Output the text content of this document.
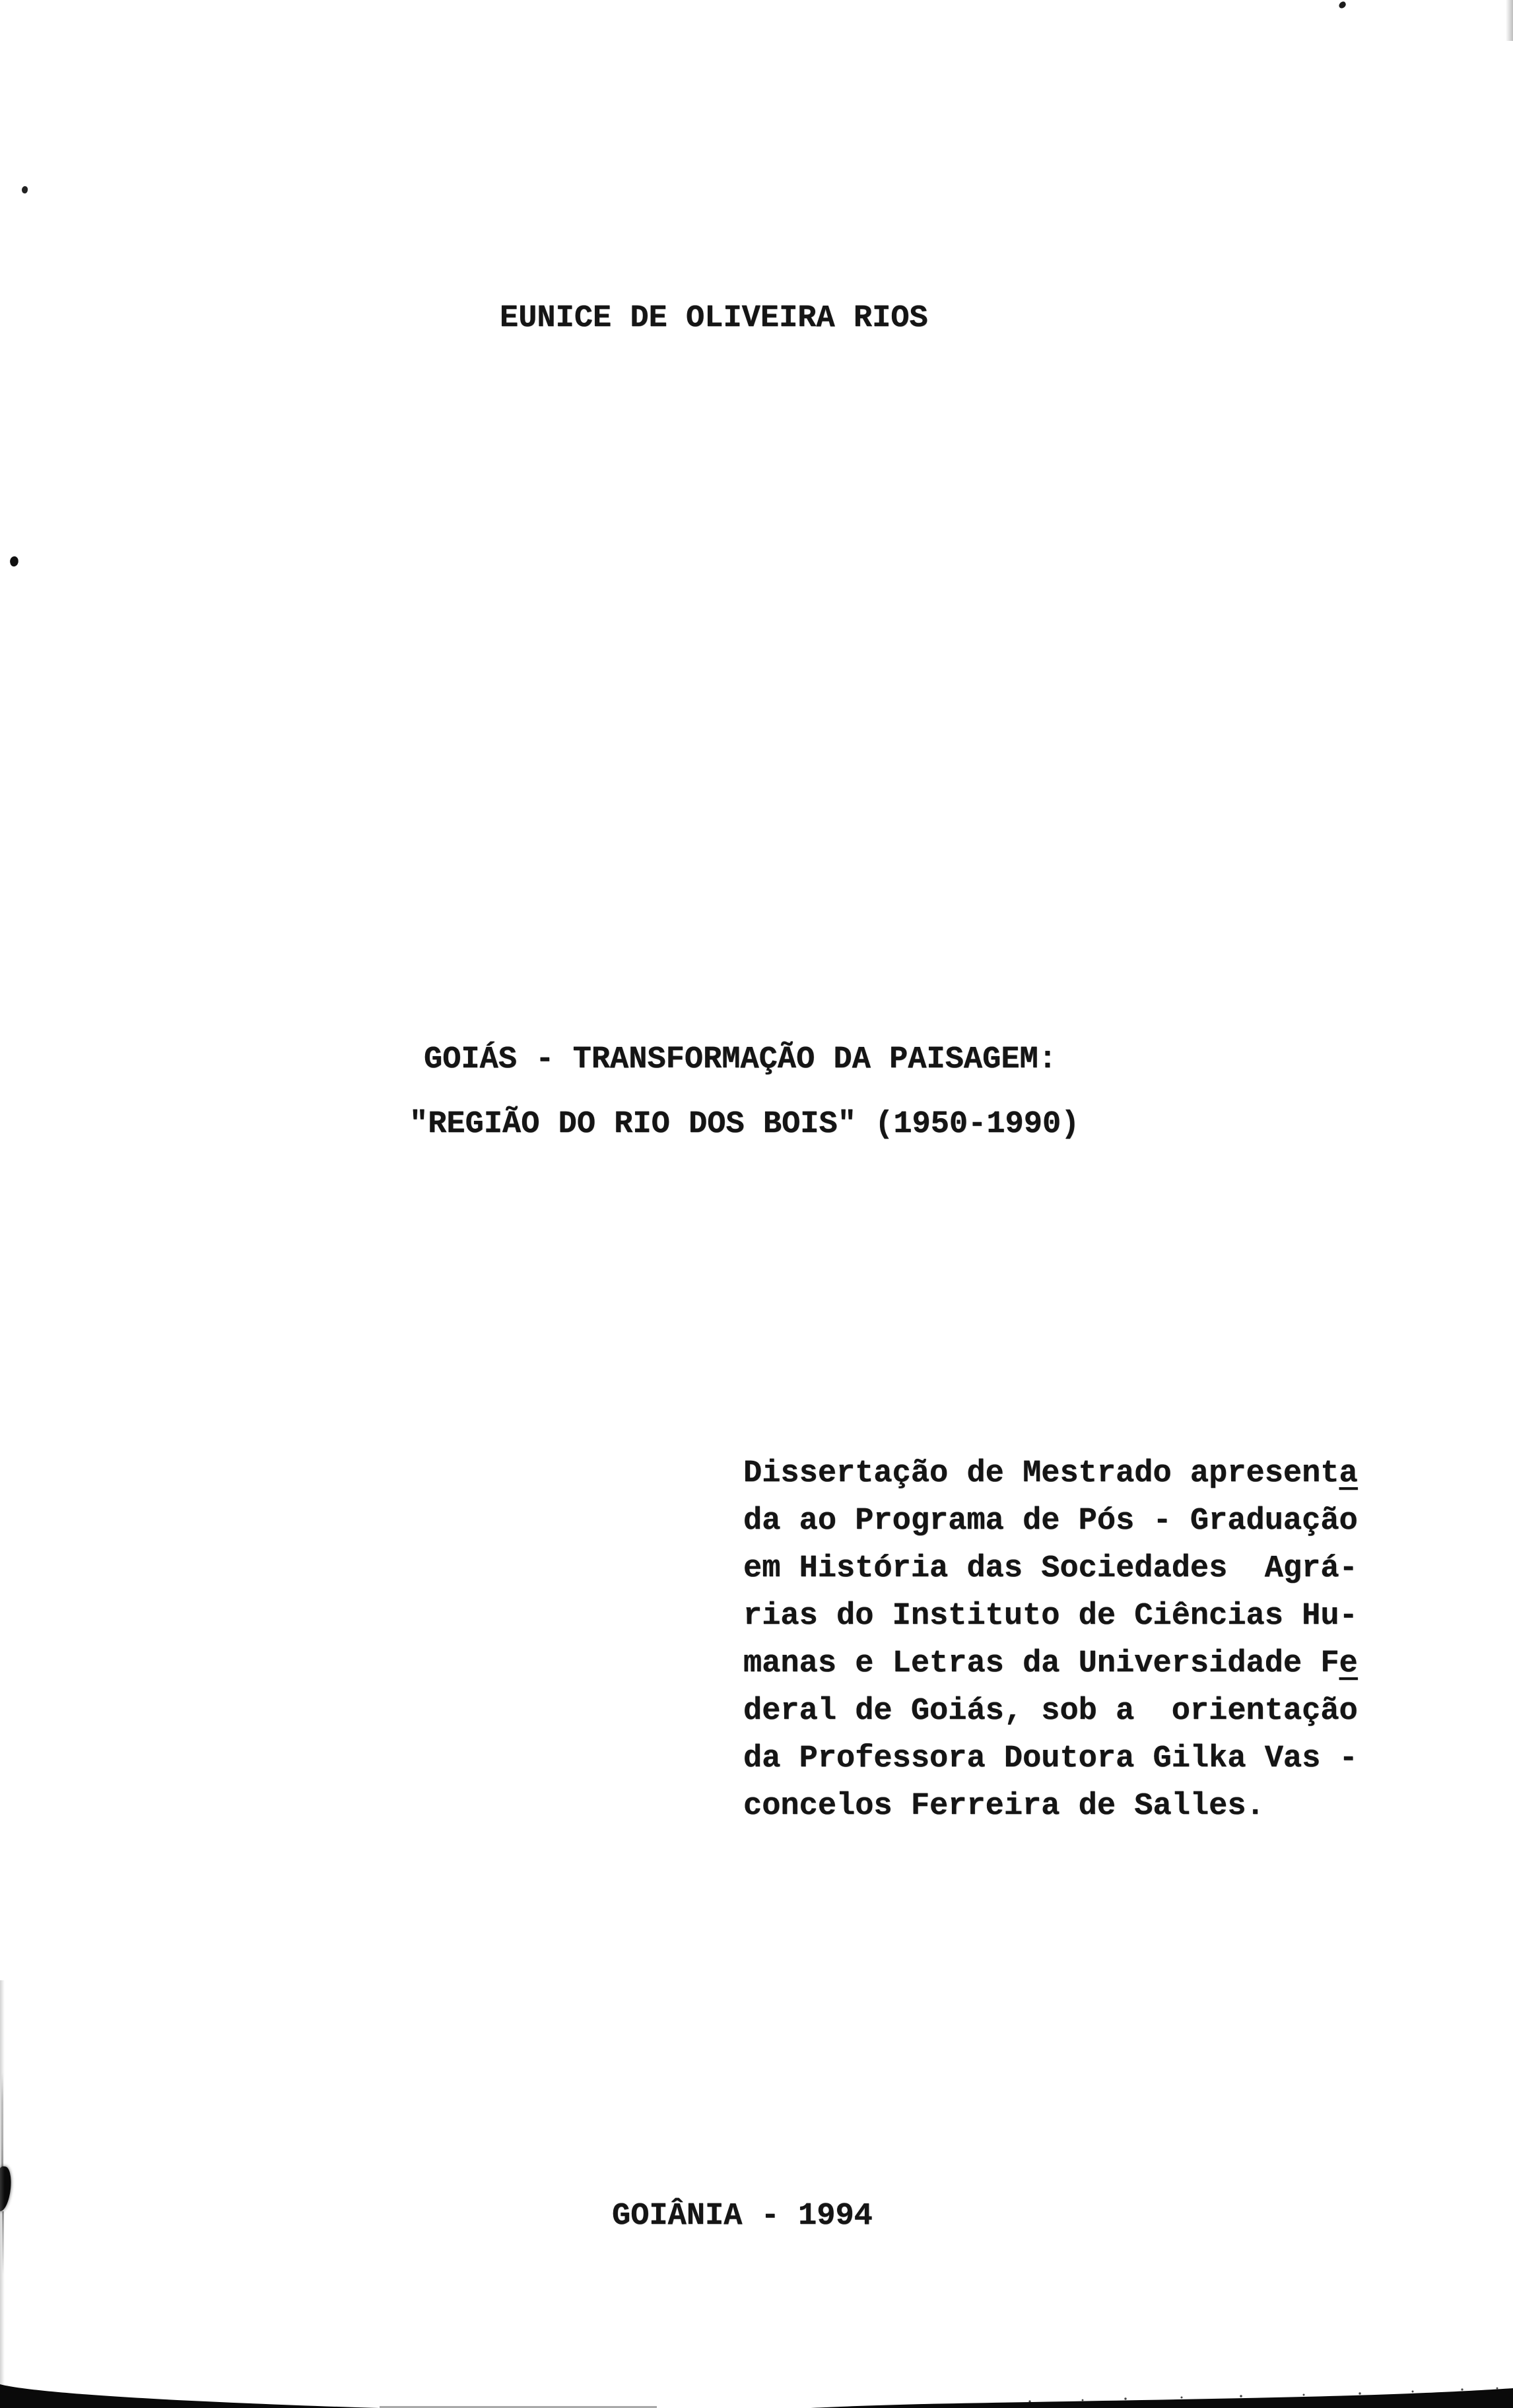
EUNICE DE OLIVEIRA RIOS
GOIÁS - TRANSFORMAÇÃO DA PAISAGEM:
"REGIÃO DO RIO DOS BOIS" (1950-1990)
Dissertação de Mestrado apresenta
da ao Programa de Pós - Graduação
em História das Sociedades  Agrá-
rias do Instituto de Ciências Hu-
manas e Letras da Universidade Fe
deral de Goiás, sob a  orientação
da Professora Doutora Gilka Vas -
concelos Ferreira de Salles.
GOIÂNIA - 1994
